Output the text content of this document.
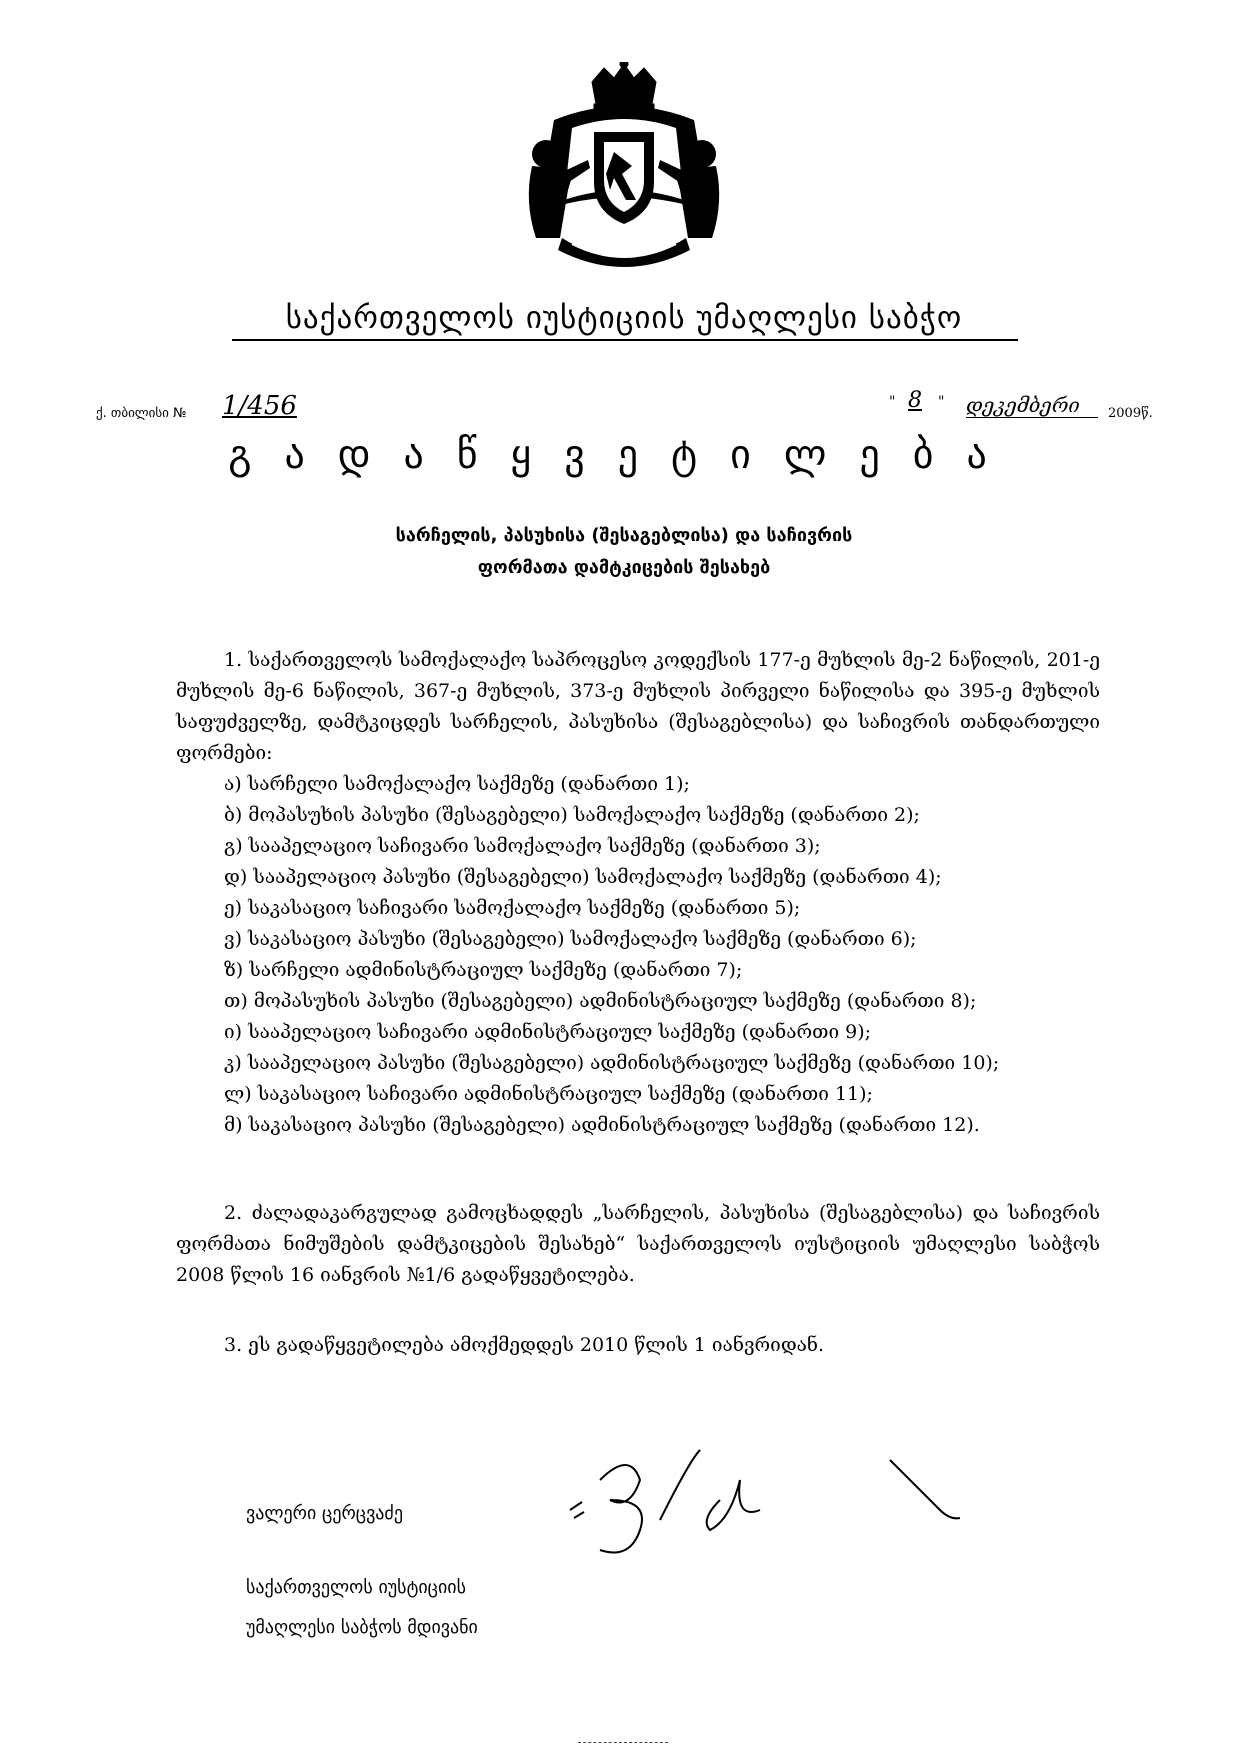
საქართველოს იუსტიციის უმაღლესი საბჭო
ქ. თბილისი № 1/456	" 8 " დეკემბერი	2009წ.
გადაწყვეტილება
სარჩელის, პასუხისა (შესაგებლისა) და საჩივრის
ფორმათა დამტკიცების შესახებ
1. საქართველოს სამოქალაქო საპროცესო კოდექსის 177-ე მუხლის მე-2 ნაწილის, 201-ე მუხლის მე-6 ნაწილის, 367-ე მუხლის, 373-ე მუხლის პირველი ნაწილისა და 395-ე მუხლის საფუძველზე, დამტკიცდეს სარჩელის, პასუხისა (შესაგებლისა) და საჩივრის თანდართული ფორმები:
ა) სარჩელი სამოქალაქო საქმეზე (დანართი 1);
ბ) მოპასუხის პასუხი (შესაგებელი) სამოქალაქო საქმეზე (დანართი 2);
გ) სააპელაციო საჩივარი სამოქალაქო საქმეზე (დანართი 3);
დ) სააპელაციო პასუხი (შესაგებელი) სამოქალაქო საქმეზე (დანართი 4);
ე) საკასაციო საჩივარი სამოქალაქო საქმეზე (დანართი 5);
ვ) საკასაციო პასუხი (შესაგებელი) სამოქალაქო საქმეზე (დანართი 6);
ზ) სარჩელი ადმინისტრაციულ საქმეზე (დანართი 7);
თ) მოპასუხის პასუხი (შესაგებელი) ადმინისტრაციულ საქმეზე (დანართი 8);
ი) სააპელაციო საჩივარი ადმინისტრაციულ საქმეზე (დანართი 9);
კ) სააპელაციო პასუხი (შესაგებელი) ადმინისტრაციულ საქმეზე (დანართი 10);
ლ) საკასაციო საჩივარი ადმინისტრაციულ საქმეზე (დანართი 11);
მ) საკასაციო პასუხი (შესაგებელი) ადმინისტრაციულ საქმეზე (დანართი 12).
2. ძალადაკარგულად გამოცხადდეს „სარჩელის, პასუხისა (შესაგებლისა) და საჩივრის ფორმათა ნიმუშების დამტკიცების შესახებ“ საქართველოს იუსტიციის უმაღლესი საბჭოს 2008 წლის 16 იანვრის №1/6 გადაწყვეტილება.
3. ეს გადაწყვეტილება ამოქმედდეს 2010 წლის 1 იანვრიდან.
ვალერი ცერცვაძე
საქართველოს იუსტიციის
უმაღლესი საბჭოს მდივანი
